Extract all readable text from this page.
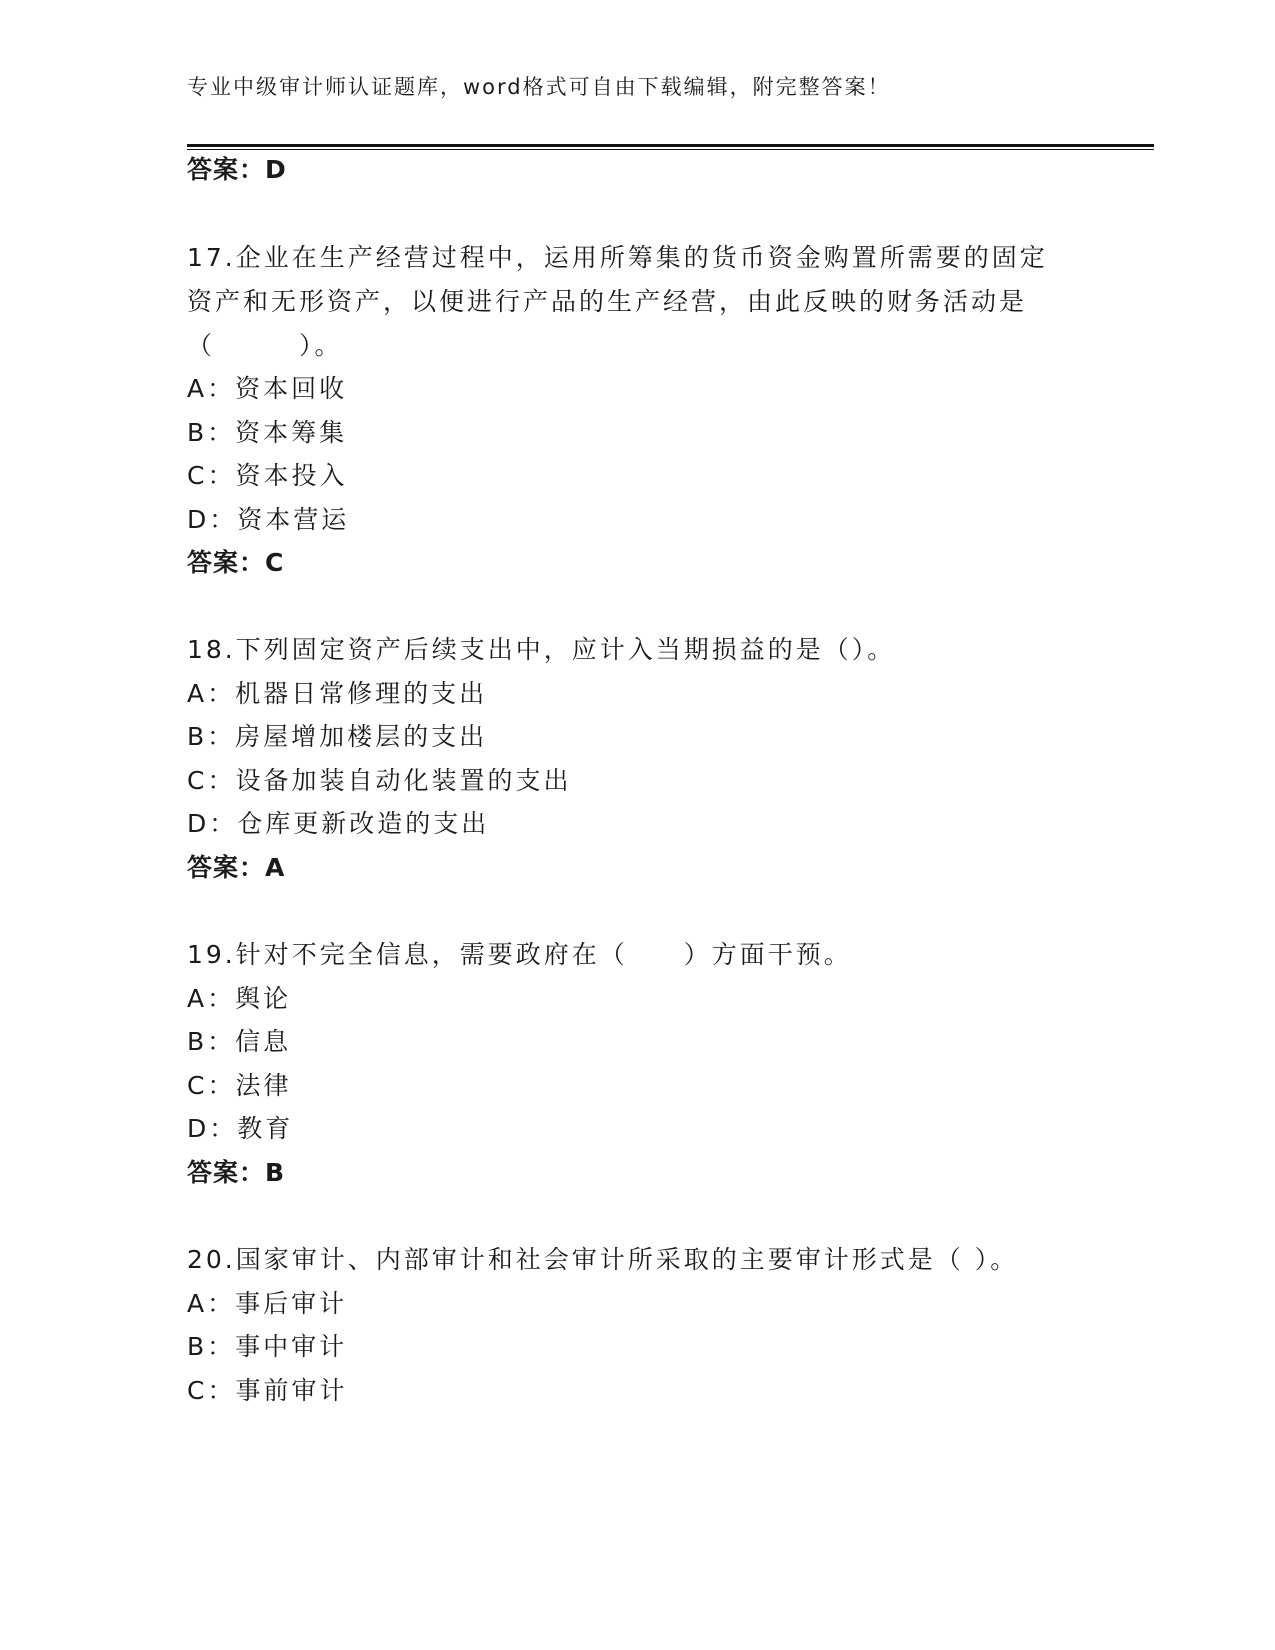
专业中级审计师认证题库，word格式可自由下载编辑，附完整答案！
答案：D
17.企业在生产经营过程中，运用所筹集的货币资金购置所需要的固定
资产和无形资产，以便进行产品的生产经营，由此反映的财务活动是
（　　　）。
A：资本回收
B：资本筹集
C：资本投入
D：资本营运
答案：C
18.下列固定资产后续支出中，应计入当期损益的是（）。
A：机器日常修理的支出
B：房屋增加楼层的支出
C：设备加装自动化装置的支出
D：仓库更新改造的支出
答案：A
19.针对不完全信息，需要政府在（　　）方面干预。
A：舆论
B：信息
C：法律
D：教育
答案：B
20.国家审计、内部审计和社会审计所采取的主要审计形式是（ ）。
A：事后审计
B：事中审计
C：事前审计
